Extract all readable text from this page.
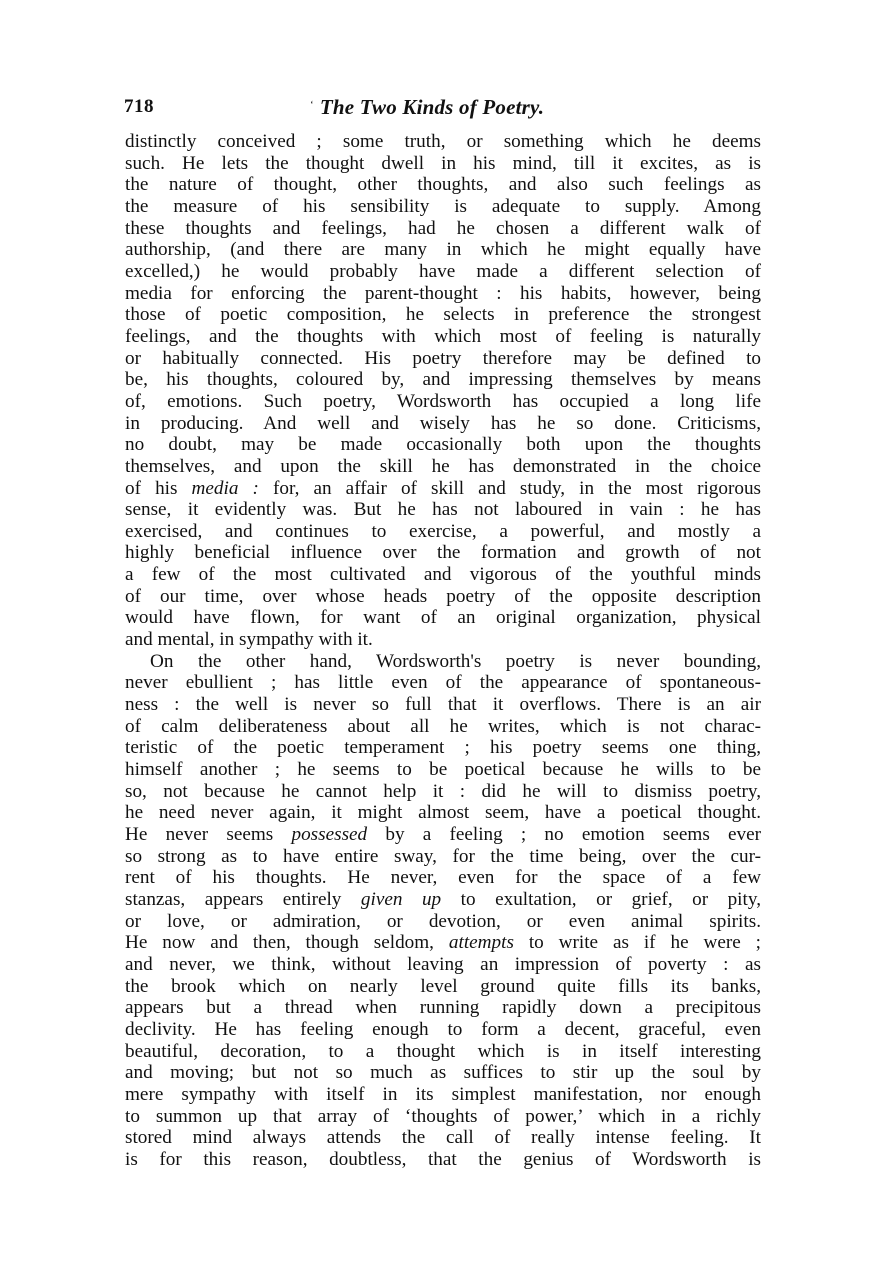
718	‘ The Two Kinds of Poetry.
distinctly conceived ; some truth, or something which he deems
such. He lets the thought dwell in his mind, till it excites, as is
the nature of thought, other thoughts, and also such feelings as
the measure of his sensibility is adequate to supply. Among
these thoughts and feelings, had he chosen a different walk of
authorship, (and there are many in which he might equally have
excelled,) he would probably have made a different selection of
media for enforcing the parent-thought : his habits, however, being
those of poetic composition, he selects in preference the strongest
feelings, and the thoughts with which most of feeling is naturally
or habitually connected. His poetry therefore may be defined to
be, his thoughts, coloured by, and impressing themselves by means
of, emotions. Such poetry, Wordsworth has occupied a long life
in producing. And well and wisely has he so done. Criticisms,
no doubt, may be made occasionally both upon the thoughts
themselves, and upon the skill he has demonstrated in the choice
of his media : for, an affair of skill and study, in the most rigorous
sense, it evidently was. But he has not laboured in vain : he has
exercised, and continues to exercise, a powerful, and mostly a
highly beneficial influence over the formation and growth of not
a few of the most cultivated and vigorous of the youthful minds
of our time, over whose heads poetry of the opposite description
would have flown, for want of an original organization, physical
and mental, in sympathy with it.
On the other hand, Wordsworth's poetry is never bounding,
never ebullient ; has little even of the appearance of spontaneous-
ness : the well is never so full that it overflows. There is an air
of calm deliberateness about all he writes, which is not charac-
teristic of the poetic temperament ; his poetry seems one thing,
himself another ; he seems to be poetical because he wills to be
so, not because he cannot help it : did he will to dismiss poetry,
he need never again, it might almost seem, have a poetical thought.
He never seems possessed by a feeling ; no emotion seems ever
so strong as to have entire sway, for the time being, over the cur-
rent of his thoughts. He never, even for the space of a few
stanzas, appears entirely given up to exultation, or grief, or pity,
or love, or admiration, or devotion, or even animal spirits.
He now and then, though seldom, attempts to write as if he were ;
and never, we think, without leaving an impression of poverty : as
the brook which on nearly level ground quite fills its banks,
appears but a thread when running rapidly down a precipitous
declivity. He has feeling enough to form a decent, graceful, even
beautiful, decoration, to a thought which is in itself interesting
and moving; but not so much as suffices to stir up the soul by
mere sympathy with itself in its simplest manifestation, nor enough
to summon up that array of ‘thoughts of power,’ which in a richly
stored mind always attends the call of really intense feeling. It
is for this reason, doubtless, that the genius of Wordsworth is
